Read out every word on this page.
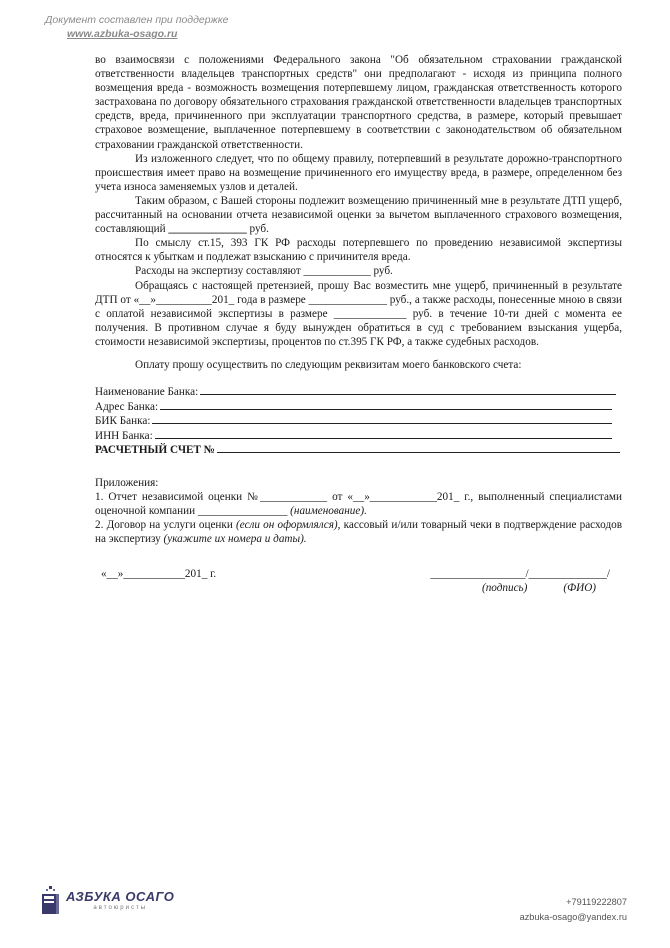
Документ составлен при поддержке
www.azbuka-osago.ru

во взаимосвязи с положениями Федерального закона "Об обязательном страховании гражданской ответственности владельцев транспортных средств" они предполагают - исходя из принципа полного возмещения вреда - возможность возмещения потерпевшему лицом, гражданская ответственность которого застрахована по договору обязательного страхования гражданской ответственности владельцев транспортных средств, вреда, причиненного при эксплуатации транспортного средства, в размере, который превышает страховое возмещение, выплаченное потерпевшему в соответствии с законодательством об обязательном страховании гражданской ответственности.

Из изложенного следует, что по общему правилу, потерпевший в результате дорожно-транспортного происшествия имеет право на возмещение причиненного его имуществу вреда, в размере, определенном без учета износа заменяемых узлов и деталей.

Таким образом, с Вашей стороны подлежит возмещению причиненный мне в результате ДТП ущерб, рассчитанный на основании отчета независимой оценки за вычетом выплаченного страхового возмещения, составляющий ______________ руб.

По смыслу ст.15, 393 ГК РФ расходы потерпевшего по проведению независимой экспертизы относятся к убыткам и подлежат взысканию с причинителя вреда.

Расходы на экспертизу составляют ____________ руб.

Обращаясь с настоящей претензией, прошу Вас возместить мне ущерб, причиненный в результате ДТП от «__»__________201_ года в размере ______________ руб., а также расходы, понесенные мною в связи с оплатой независимой экспертизы в размере _____________ руб. в течение 10-ти дней с момента ее получения. В противном случае я буду вынужден обратиться в суд с требованием взыскания ущерба, стоимости независимой экспертизы, процентов по ст.395 ГК РФ, а также судебных расходов.

Оплату прошу осуществить по следующим реквизитам моего банковского счета:

Наименование Банка:
Адрес Банка:
БИК Банка:
ИНН Банка:
РАСЧЕТНЫЙ СЧЕТ №

Приложения:

1. Отчет независимой оценки №____________ от «__»____________201_ г., выполненный специалистами оценочной компании ________________ (наименование).

2. Договор на услуги оценки (если он оформлялся), кассовый и/или товарный чеки в подтверждение расходов на экспертизу (укажите их номера и даты).

«__»___________201_ г.	_________________/______________/
(подпись)	(ФИО)
АЗБУКА ОСАГО
автоюристы
+79119222807
azbuka-osago@yandex.ru
